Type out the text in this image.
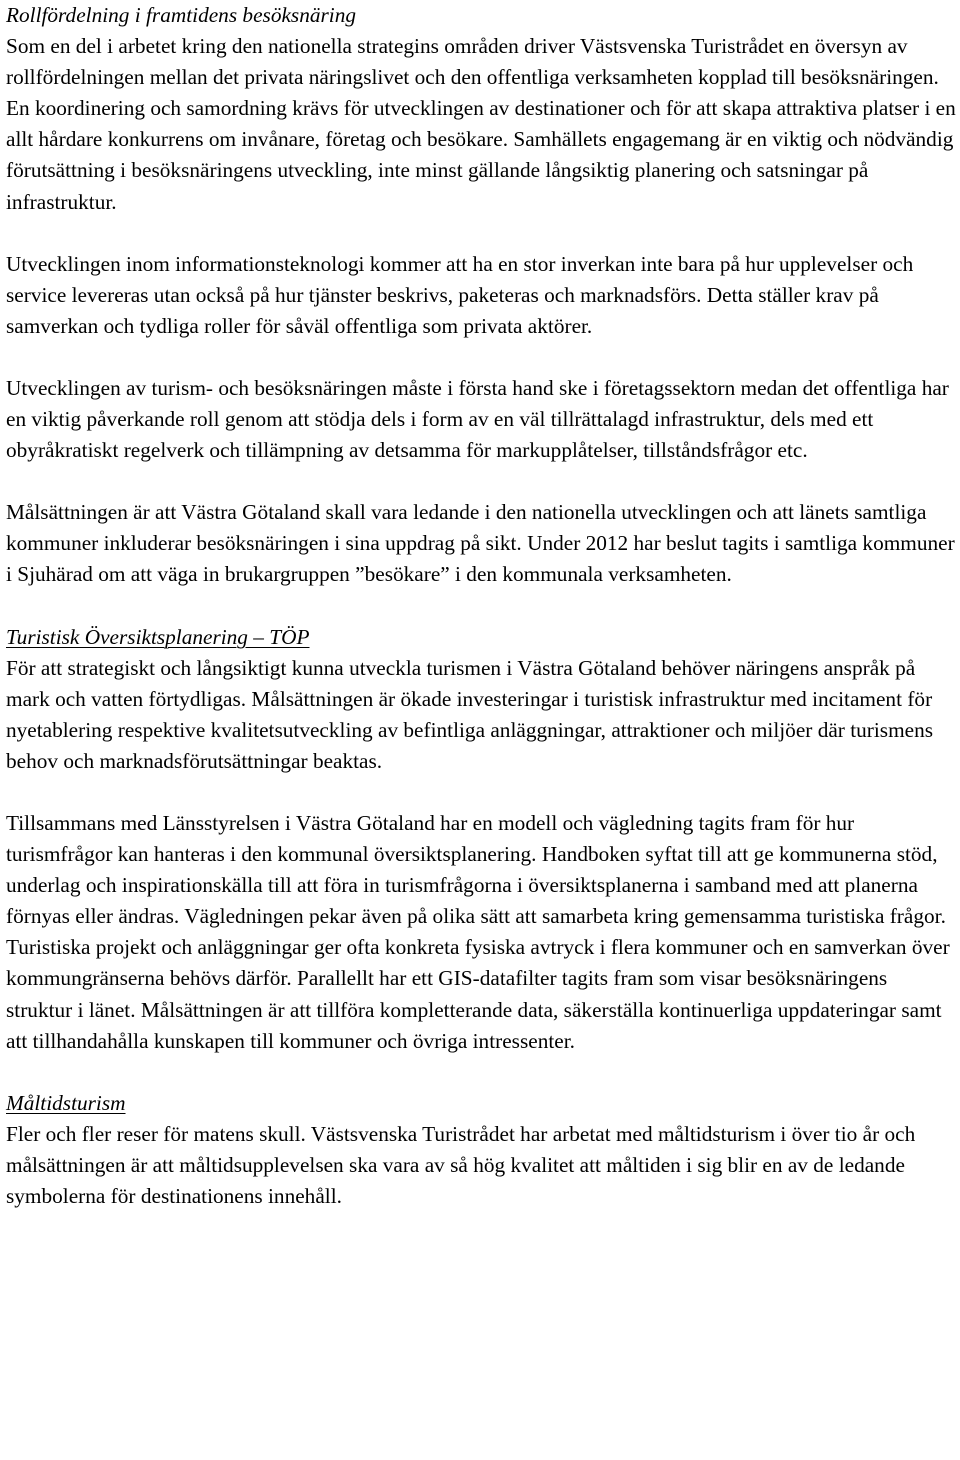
Rollfördelning i framtidens besöksnäring

Som en del i arbetet kring den nationella strategins områden driver Västsvenska Turistrådet en översyn av rollfördelningen mellan det privata näringslivet och den offentliga verksamheten kopplad till besöksnäringen. En koordinering och samordning krävs för utvecklingen av destinationer och för att skapa attraktiva platser i en allt hårdare konkurrens om invånare, företag och besökare. Samhällets engagemang är en viktig och nödvändig förutsättning i besöksnäringens utveckling, inte minst gällande långsiktig planering och satsningar på infrastruktur.

Utvecklingen inom informationsteknologi kommer att ha en stor inverkan inte bara på hur upplevelser och service levereras utan också på hur tjänster beskrivs, paketeras och marknadsförs. Detta ställer krav på samverkan och tydliga roller för såväl offentliga som privata aktörer.

Utvecklingen av turism- och besöksnäringen måste i första hand ske i företagssektorn medan det offentliga har en viktig påverkande roll genom att stödja dels i form av en väl tillrättalagd infrastruktur, dels med ett obyråkratiskt regelverk och tillämpning av detsamma för markupplåtelser, tillståndsfrågor etc.

Målsättningen är att Västra Götaland skall vara ledande i den nationella utvecklingen och att länets samtliga kommuner inkluderar besöksnäringen i sina uppdrag på sikt. Under 2012 har beslut tagits i samtliga kommuner i Sjuhärad om att väga in brukargruppen ”besökare” i den kommunala verksamheten.

Turistisk Översiktsplanering – TÖP

För att strategiskt och långsiktigt kunna utveckla turismen i Västra Götaland behöver näringens anspråk på mark och vatten förtydligas. Målsättningen är ökade investeringar i turistisk infrastruktur med incitament för nyetablering respektive kvalitetsutveckling av befintliga anläggningar, attraktioner och miljöer där turismens behov och marknadsförutsättningar beaktas.

Tillsammans med Länsstyrelsen i Västra Götaland har en modell och vägledning tagits fram för hur turismfrågor kan hanteras i den kommunal översiktsplanering. Handboken syftat till att ge kommunerna stöd, underlag och inspirationskälla till att föra in turismfrågorna i översiktsplanerna i samband med att planerna förnyas eller ändras. Vägledningen pekar även på olika sätt att samarbeta kring gemensamma turistiska frågor. Turistiska projekt och anläggningar ger ofta konkreta fysiska avtryck i flera kommuner och en samverkan över kommungränserna behövs därför. Parallellt har ett GIS-datafilter tagits fram som visar besöksnäringens struktur i länet. Målsättningen är att tillföra kompletterande data, säkerställa kontinuerliga uppdateringar samt att tillhandahålla kunskapen till kommuner och övriga intressenter.

Måltidsturism

Fler och fler reser för matens skull. Västsvenska Turistrådet har arbetat med måltidsturism i över tio år och målsättningen är att måltidsupplevelsen ska vara av så hög kvalitet att måltiden i sig blir en av de ledande symbolerna för destinationens innehåll.
